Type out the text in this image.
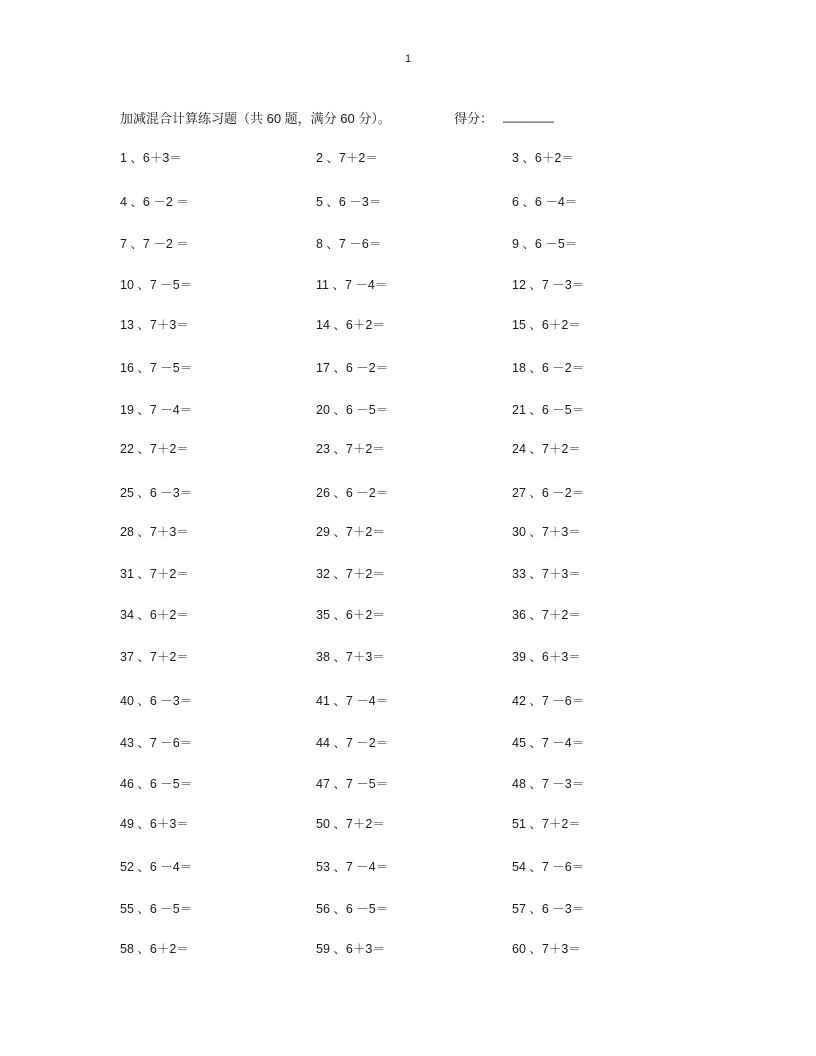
1
加减混合计算练习题（共 60 题，满分 60 分）。	得分： ________
1 、6＋3＝	2 、7＋2＝	3 、6＋2＝
4 、6 －2 ＝	5 、6 －3＝	6 、6 －4＝
7 、7 －2 ＝	8 、7 －6＝	9 、6 －5＝
10 、7 －5＝	11 、7 －4＝	12 、7 －3＝
13 、7＋3＝	14 、6＋2＝	15 、6＋2＝
16 、7 －5＝	17 、6 －2＝	18 、6 －2＝
19 、7 －4＝	20 、6 －5＝	21 、6 －5＝
22 、7＋2＝	23 、7＋2＝	24 、7＋2＝
25 、6 －3＝	26 、6 －2＝	27 、6 －2＝
28 、7＋3＝	29 、7＋2＝	30 、7＋3＝
31 、7＋2＝	32 、7＋2＝	33 、7＋3＝
34 、6＋2＝	35 、6＋2＝	36 、7＋2＝
37 、7＋2＝	38 、7＋3＝	39 、6＋3＝
40 、6 －3＝	41 、7 －4＝	42 、7 －6＝
43 、7 －6＝	44 、7 －2＝	45 、7 －4＝
46 、6 －5＝	47 、7 －5＝	48 、7 －3＝
49 、6＋3＝	50 、7＋2＝	51 、7＋2＝
52 、6 －4＝	53 、7 －4＝	54 、7 －6＝
55 、6 －5＝	56 、6 －5＝	57 、6 －3＝
58 、6＋2＝	59 、6＋3＝	60 、7＋3＝
